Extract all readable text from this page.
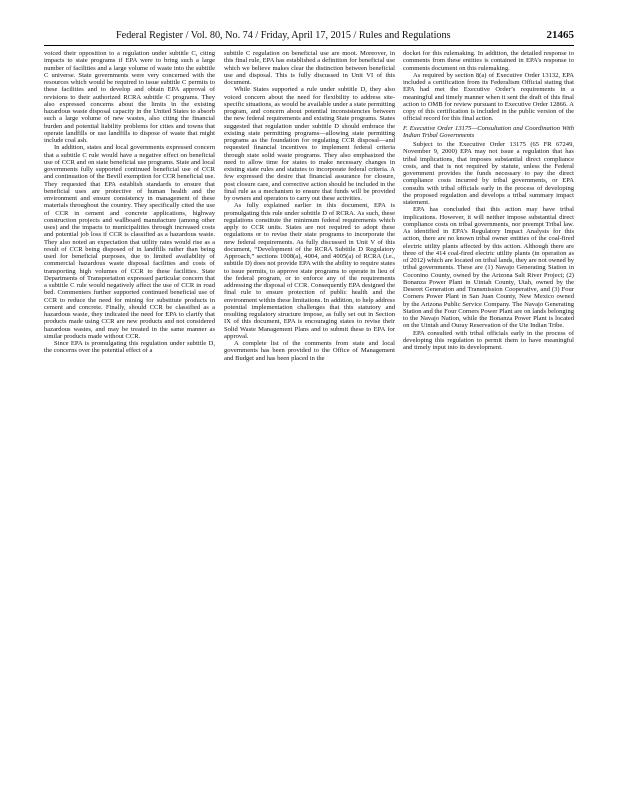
Federal Register / Vol. 80, No. 74 / Friday, April 17, 2015 / Rules and Regulations	21465

voiced their opposition to a regulation under subtitle C, citing impacts to state programs if EPA were to bring such a large number of facilities and a large volume of waste into the subtitle C universe. State governments were very concerned with the resources which would be required to issue subtitle C permits to these facilities and to develop and obtain EPA approval of revisions to their authorized RCRA subtitle C programs. They also expressed concerns about the limits in the existing hazardous waste disposal capacity in the United States to absorb such a large volume of new wastes, also citing the financial burden and potential liability problems for cities and towns that operate landfills or use landfills to dispose of waste that might include coal ash.

In addition, states and local governments expressed concern that a subtitle C rule would have a negative effect on beneficial use of CCR and on state beneficial use programs. State and local governments fully supported continued beneficial use of CCR and continuation of the Bevill exemption for CCR beneficial use. They requested that EPA establish standards to ensure that beneficial uses are protective of human health and the environment and ensure consistency in management of these materials throughout the country. They specifically cited the use of CCR in cement and concrete applications, highway construction projects and wallboard manufacture (among other uses) and the impacts to municipalities through increased costs and potential job loss if CCR is classified as a hazardous waste. They also noted an expectation that utility rates would rise as a result of CCR being disposed of in landfills rather than being used for beneficial purposes, due to limited availability of commercial hazardous waste disposal facilities and costs of transporting high volumes of CCR to these facilities. State Departments of Transportation expressed particular concern that a subtitle C rule would negatively affect the use of CCR in road bed. Commenters further supported continued beneficial use of CCR to reduce the need for mining for substitute products in cement and concrete. Finally, should CCR be classified as a hazardous waste, they indicated the need for EPA to clarify that products made using CCR are new products and not considered hazardous wastes, and may be treated in the same manner as similar products made without CCR.

Since EPA is promulgating this regulation under subtitle D, the concerns over the potential effect of a

subtitle C regulation on beneficial use are moot. Moreover, in this final rule, EPA has established a definition for beneficial use which we believe makes clear the distinction between beneficial use and disposal. This is fully discussed in Unit VI of this document.

While States supported a rule under subtitle D, they also voiced concern about the need for flexibility to address site-specific situations, as would be available under a state permitting program, and concern about potential inconsistencies between the new federal requirements and existing State programs. States suggested that regulation under subtitle D should embrace the existing state permitting programs—allowing state permitting programs as the foundation for regulating CCR disposal—and requested financial incentives to implement federal criteria through state solid waste programs. They also emphasized the need to allow time for states to make necessary changes in existing state rules and statutes to incorporate federal criteria. A few expressed the desire that financial assurance for closure, post closure care, and corrective action should be included in the final rule as a mechanism to ensure that funds will be provided by owners and operators to carry out these activities.

As fully explained earlier in this document, EPA is promulgating this rule under subtitle D of RCRA. As such, these regulations constitute the minimum federal requirements which apply to CCR units. States are not required to adopt these regulations or to revise their state programs to incorporate the new federal requirements. As fully discussed in Unit V of this document, “Development of the RCRA Subtitle D Regulatory Approach,” sections 1008(a), 4004, and 4005(a) of RCRA (i.e., subtitle D) does not provide EPA with the ability to require states to issue permits, to approve state programs to operate in lieu of the federal program, or to enforce any of the requirements addressing the disposal of CCR. Consequently EPA designed the final rule to ensure protection of public health and the environment within these limitations. In addition, to help address potential implementation challenges that this statutory and resulting regulatory structure impose, as fully set out in Section IX of this document, EPA is encouraging states to revise their Solid Waste Management Plans and to submit these to EPA for approval.

A complete list of the comments from state and local governments has been provided to the Office of Management and Budget and has been placed in the

docket for this rulemaking. In addition, the detailed response to comments from these entities is contained in EPA’s response to comments document on this rulemaking.

As required by section 8(a) of Executive Order 13132, EPA included a certification from its Federalism Official stating that EPA had met the Executive Order’s requirements in a meaningful and timely manner when it sent the draft of this final action to OMB for review pursuant to Executive Order 12866. A copy of this certification is included in the public version of the official record for this final action.

F. Executive Order 13175—Consultation and Coordination With Indian Tribal Governments

Subject to the Executive Order 13175 (65 FR 67249, November 9, 2000) EPA may not issue a regulation that has tribal implications, that imposes substantial direct compliance costs, and that is not required by statute, unless the Federal government provides the funds necessary to pay the direct compliance costs incurred by tribal governments, or EPA consults with tribal officials early in the process of developing the proposed regulation and develops a tribal summary impact statement.

EPA has concluded that this action may have tribal implications. However, it will neither impose substantial direct compliance costs on tribal governments, nor preempt Tribal law. As identified in EPA’s Regulatory Impact Analysis for this action, there are no known tribal owner entities of the coal-fired electric utility plants affected by this action. Although there are three of the 414 coal-fired electric utility plants (in operation as of 2012) which are located on tribal lands, they are not owned by tribal governments. These are (1) Navajo Generating Station in Coconino County, owned by the Arizona Salt River Project; (2) Bonanza Power Plant in Uintah County, Utah, owned by the Deseret Generation and Transmission Cooperative, and (3) Four Corners Power Plant in San Juan County, New Mexico owned by the Arizona Public Service Company. The Navajo Generating Station and the Four Corners Power Plant are on lands belonging to the Navajo Nation, while the Bonanza Power Plant is located on the Uintah and Ouray Reservation of the Ute Indian Tribe.

EPA consulted with tribal officials early in the process of developing this regulation to permit them to have meaningful and timely input into its development.
